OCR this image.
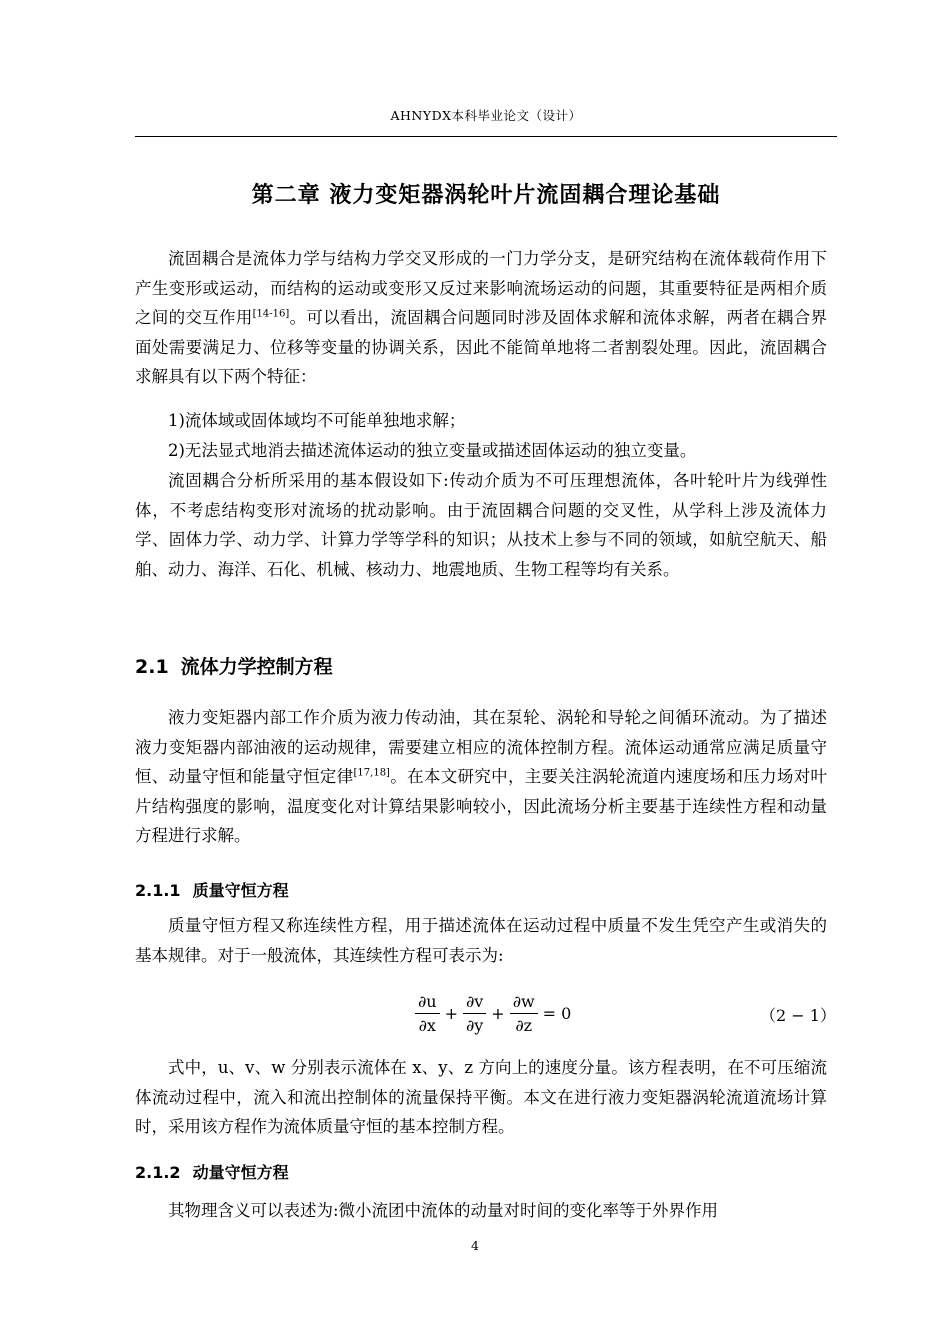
AHNYDX本科毕业论文（设计）
第二章 液力变矩器涡轮叶片流固耦合理论基础

流固耦合是流体力学与结构力学交叉形成的一门力学分支，是研究结构在流体载荷作用下产生变形或运动，而结构的运动或变形又反过来影响流场运动的问题，其重要特征是两相介质之间的交互作用[14-16]。可以看出，流固耦合问题同时涉及固体求解和流体求解，两者在耦合界面处需要满足力、位移等变量的协调关系，因此不能简单地将二者割裂处理。因此，流固耦合求解具有以下两个特征：

1)流体域或固体域均不可能单独地求解；

2)无法显式地消去描述流体运动的独立变量或描述固体运动的独立变量。

流固耦合分析所采用的基本假设如下:传动介质为不可压理想流体，各叶轮叶片为线弹性体，不考虑结构变形对流场的扰动影响。由于流固耦合问题的交叉性，从学科上涉及流体力学、固体力学、动力学、计算力学等学科的知识；从技术上参与不同的领域，如航空航天、船舶、动力、海洋、石化、机械、核动力、地震地质、生物工程等均有关系。

2.1 流体力学控制方程

液力变矩器内部工作介质为液力传动油，其在泵轮、涡轮和导轮之间循环流动。为了描述液力变矩器内部油液的运动规律，需要建立相应的流体控制方程。流体运动通常应满足质量守恒、动量守恒和能量守恒定律[17,18]。在本文研究中，主要关注涡轮流道内速度场和压力场对叶片结构强度的影响，温度变化对计算结果影响较小，因此流场分析主要基于连续性方程和动量方程进行求解。

2.1.1 质量守恒方程

质量守恒方程又称连续性方程，用于描述流体在运动过程中质量不发生凭空产生或消失的基本规律。对于一般流体，其连续性方程可表示为:

$\frac{\partial u}{\partial x} + \frac{\partial v}{\partial y} + \frac{\partial w}{\partial z} = 0$	（2 − 1）

式中，u、v、w 分别表示流体在 x、y、z 方向上的速度分量。该方程表明，在不可压缩流体流动过程中，流入和流出控制体的流量保持平衡。本文在进行液力变矩器涡轮流道流场计算时，采用该方程作为流体质量守恒的基本控制方程。

2.1.2 动量守恒方程

其物理含义可以表述为:微小流团中流体的动量对时间的变化率等于外界作用

4
